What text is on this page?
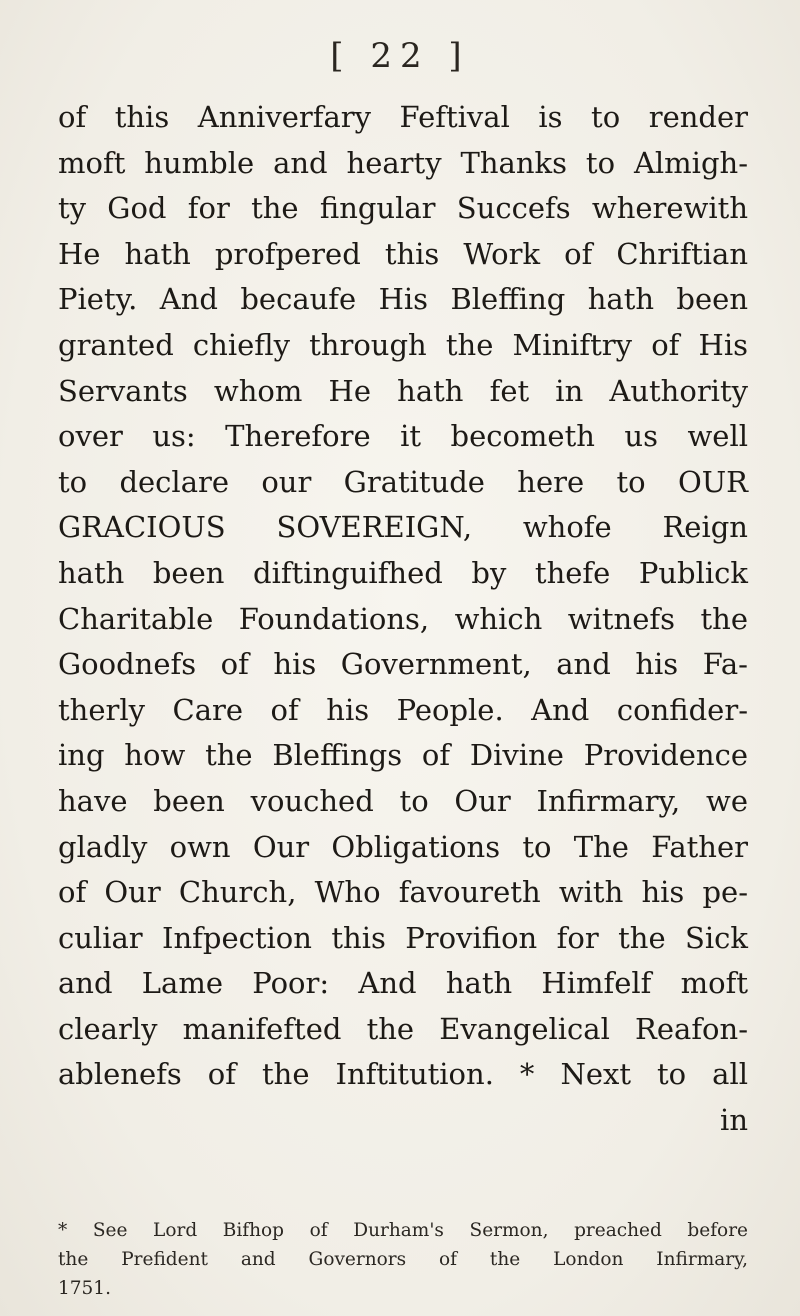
[ 22 ]
of this Anniverfary Feftival is to render
moft humble and hearty Thanks to Almigh-
ty God for the fingular Succefs wherewith
He hath profpered this Work of Chriftian
Piety. And becaufe His Bleffing hath been
granted chiefly through the Miniftry of His
Servants whom He hath fet in Authority
over us: Therefore it becometh us well
to declare our Gratitude here to OUR
GRACIOUS SOVEREIGN, whofe Reign
hath been diftinguifhed by thefe Publick
Charitable Foundations, which witnefs the
Goodnefs of his Government, and his Fa-
therly Care of his People. And confider-
ing how the Bleffings of Divine Providence
have been vouched to Our Infirmary, we
gladly own Our Obligations to The Father
of Our Church, Who favoureth with his pe-
culiar Infpection this Provifion for the Sick
and Lame Poor: And hath Himfelf moft
clearly manifefted the Evangelical Reafon-
ablenefs of the Inftitution. * Next to all
in
* See Lord Bifhop of Durham's Sermon, preached before
the Prefident and Governors of the London Infirmary,
1751.
